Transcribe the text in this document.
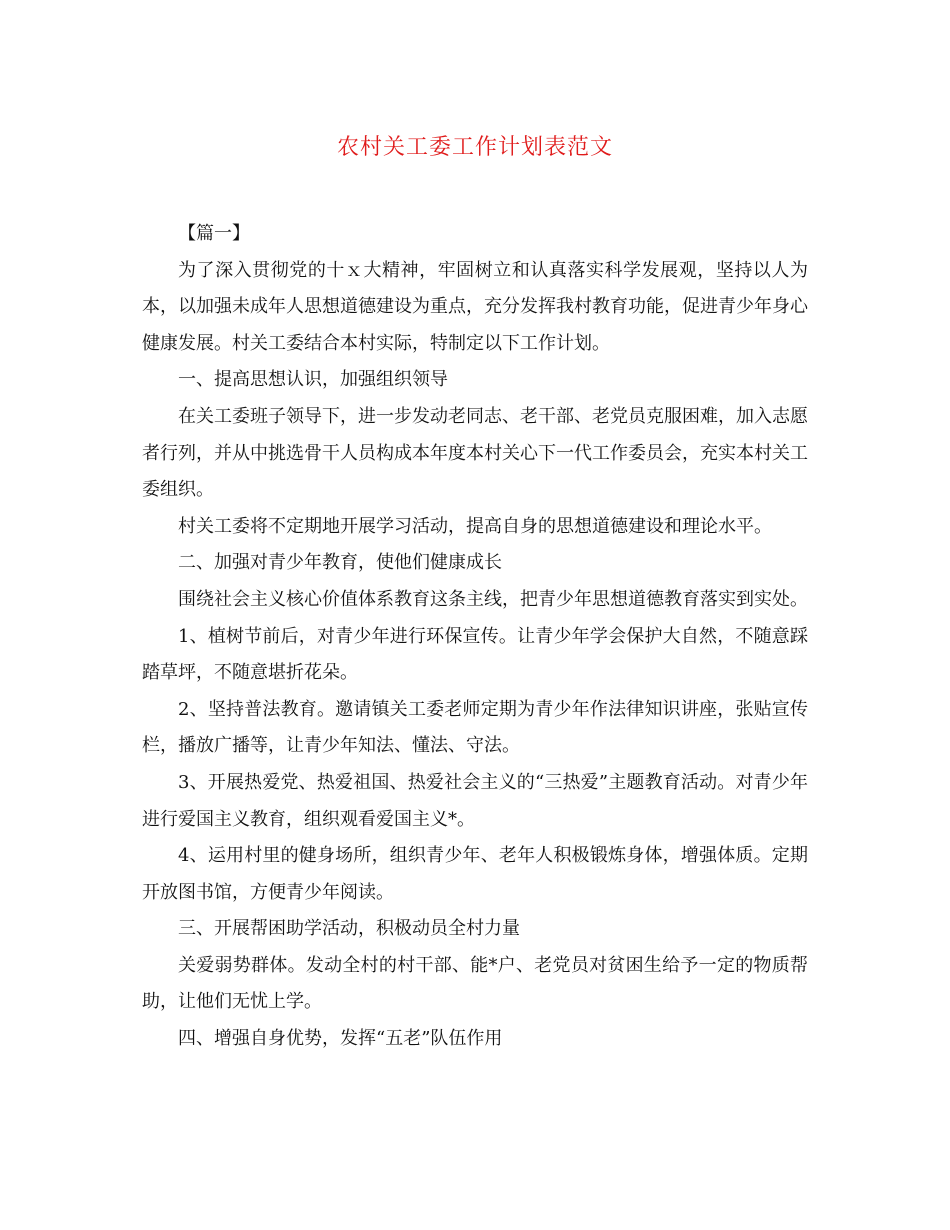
农村关工委工作计划表范文

【篇一】

为了深入贯彻党的十ｘ大精神，牢固树立和认真落实科学发展观，坚持以人为本，以加强未成年人思想道德建设为重点，充分发挥我村教育功能，促进青少年身心健康发展。村关工委结合本村实际，特制定以下工作计划。

一、提高思想认识，加强组织领导

在关工委班子领导下，进一步发动老同志、老干部、老党员克服困难，加入志愿者行列，并从中挑选骨干人员构成本年度本村关心下一代工作委员会，充实本村关工委组织。

村关工委将不定期地开展学习活动，提高自身的思想道德建设和理论水平。

二、加强对青少年教育，使他们健康成长

围绕社会主义核心价值体系教育这条主线，把青少年思想道德教育落实到实处。

1、植树节前后，对青少年进行环保宣传。让青少年学会保护大自然，不随意踩踏草坪，不随意堪折花朵。

2、坚持普法教育。邀请镇关工委老师定期为青少年作法律知识讲座，张贴宣传栏，播放广播等，让青少年知法、懂法、守法。

3、开展热爱党、热爱祖国、热爱社会主义的“三热爱”主题教育活动。对青少年进行爱国主义教育，组织观看爱国主义*。

4、运用村里的健身场所，组织青少年、老年人积极锻炼身体，增强体质。定期开放图书馆，方便青少年阅读。

三、开展帮困助学活动，积极动员全村力量

关爱弱势群体。发动全村的村干部、能*户、老党员对贫困生给予一定的物质帮助，让他们无忧上学。

四、增强自身优势，发挥“五老”队伍作用
